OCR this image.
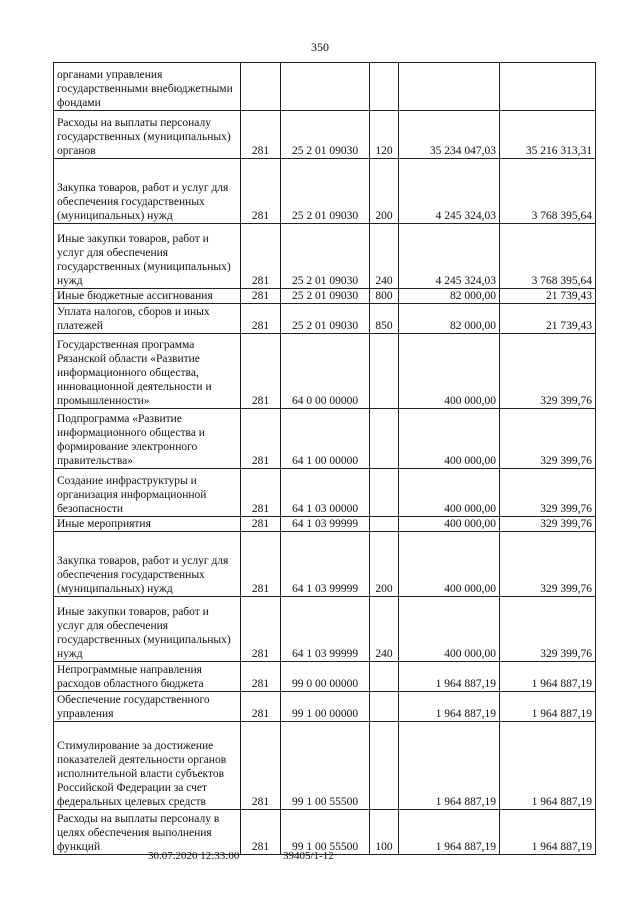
350
органами управления государственными внебюджетными фондами					
Расходы на выплаты персоналу государственных (муниципальных) органов	281	25 2 01 09030	120	35 234 047,03	35 216 313,31
Закупка товаров, работ и услуг для обеспечения государственных (муниципальных) нужд	281	25 2 01 09030	200	4 245 324,03	3 768 395,64
Иные закупки товаров, работ и услуг для обеспечения государственных (муниципальных) нужд	281	25 2 01 09030	240	4 245 324,03	3 768 395,64
Иные бюджетные ассигнования	281	25 2 01 09030	800	82 000,00	21 739,43
Уплата налогов, сборов и иных платежей	281	25 2 01 09030	850	82 000,00	21 739,43
Государственная программа Рязанской области «Развитие информационного общества, инновационной деятельности и промышленности»	281	64 0 00 00000		400 000,00	329 399,76
Подпрограмма «Развитие информационного общества и формирование электронного правительства»	281	64 1 00 00000		400 000,00	329 399,76
Создание инфраструктуры и организация информационной безопасности	281	64 1 03 00000		400 000,00	329 399,76
Иные мероприятия	281	64 1 03 99999		400 000,00	329 399,76
Закупка товаров, работ и услуг для обеспечения государственных (муниципальных) нужд	281	64 1 03 99999	200	400 000,00	329 399,76
Иные закупки товаров, работ и услуг для обеспечения государственных (муниципальных) нужд	281	64 1 03 99999	240	400 000,00	329 399,76
Непрограммные направления расходов областного бюджета	281	99 0 00 00000		1 964 887,19	1 964 887,19
Обеспечение государственного управления	281	99 1 00 00000		1 964 887,19	1 964 887,19
Стимулирование за достижение показателей деятельности органов исполнительной власти субъектов Российской Федерации за счет федеральных целевых средств	281	99 1 00 55500		1 964 887,19	1 964 887,19
Расходы на выплаты персоналу в целях обеспечения выполнения функций	281	99 1 00 55500	100	1 964 887,19	1 964 887,19
30.07.2020 12:33:00	39405/1-12
